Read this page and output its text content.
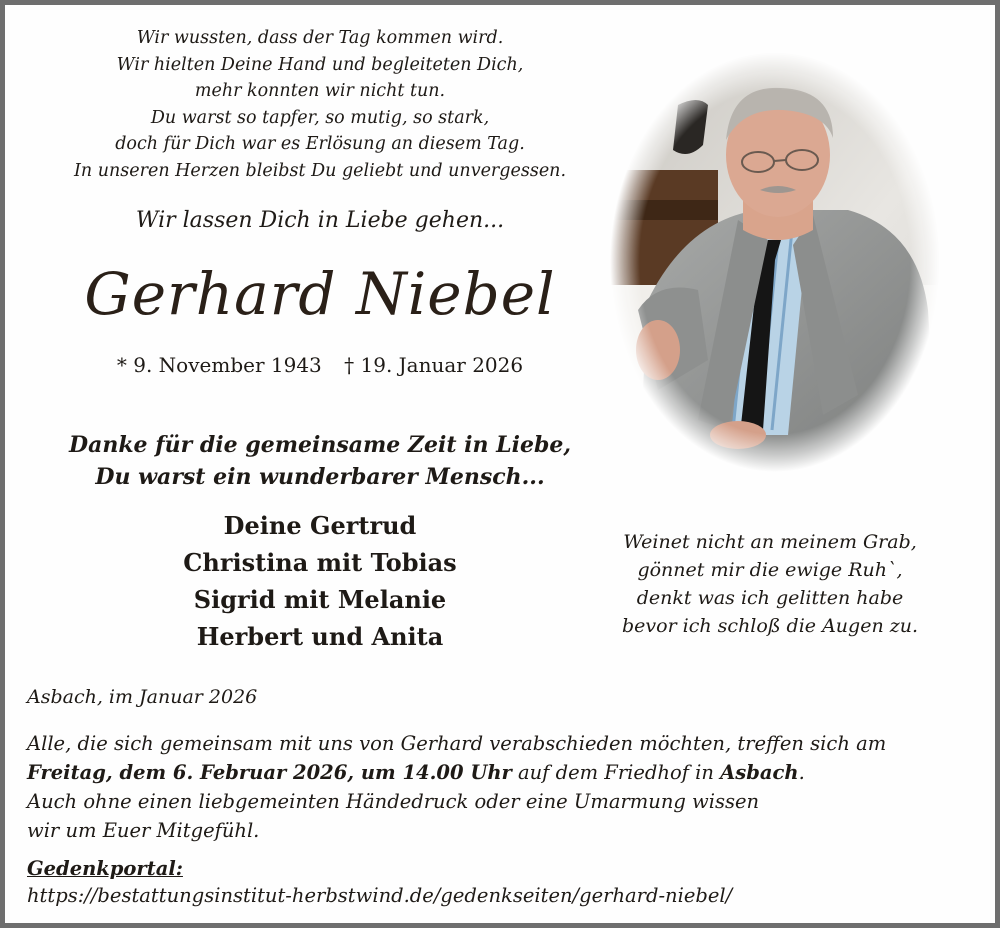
Wir wussten, dass der Tag kommen wird.
Wir hielten Deine Hand und begleiteten Dich,
mehr konnten wir nicht tun.
Du warst so tapfer, so mutig, so stark,
doch für Dich war es Erlösung an diesem Tag.
In unseren Herzen bleibst Du geliebt und unvergessen.
Wir lassen Dich in Liebe gehen...
Gerhard Niebel
* 9. November 1943 † 19. Januar 2026
Danke für die gemeinsame Zeit in Liebe,
Du warst ein wunderbarer Mensch...
Deine Gertrud
Christina mit Tobias
Sigrid mit Melanie
Herbert und Anita
Weinet nicht an meinem Grab,
gönnet mir die ewige Ruh`,
denkt was ich gelitten habe
bevor ich schloß die Augen zu.
Asbach, im Januar 2026
Alle, die sich gemeinsam mit uns von Gerhard verabschieden möchten, treffen sich am
Freitag, dem 6. Februar 2026, um 14.00 Uhr auf dem Friedhof in Asbach.
Auch ohne einen liebgemeinten Händedruck oder eine Umarmung wissen
wir um Euer Mitgefühl.
Gedenkportal:
https://bestattungsinstitut-herbstwind.de/gedenkseiten/gerhard-niebel/
